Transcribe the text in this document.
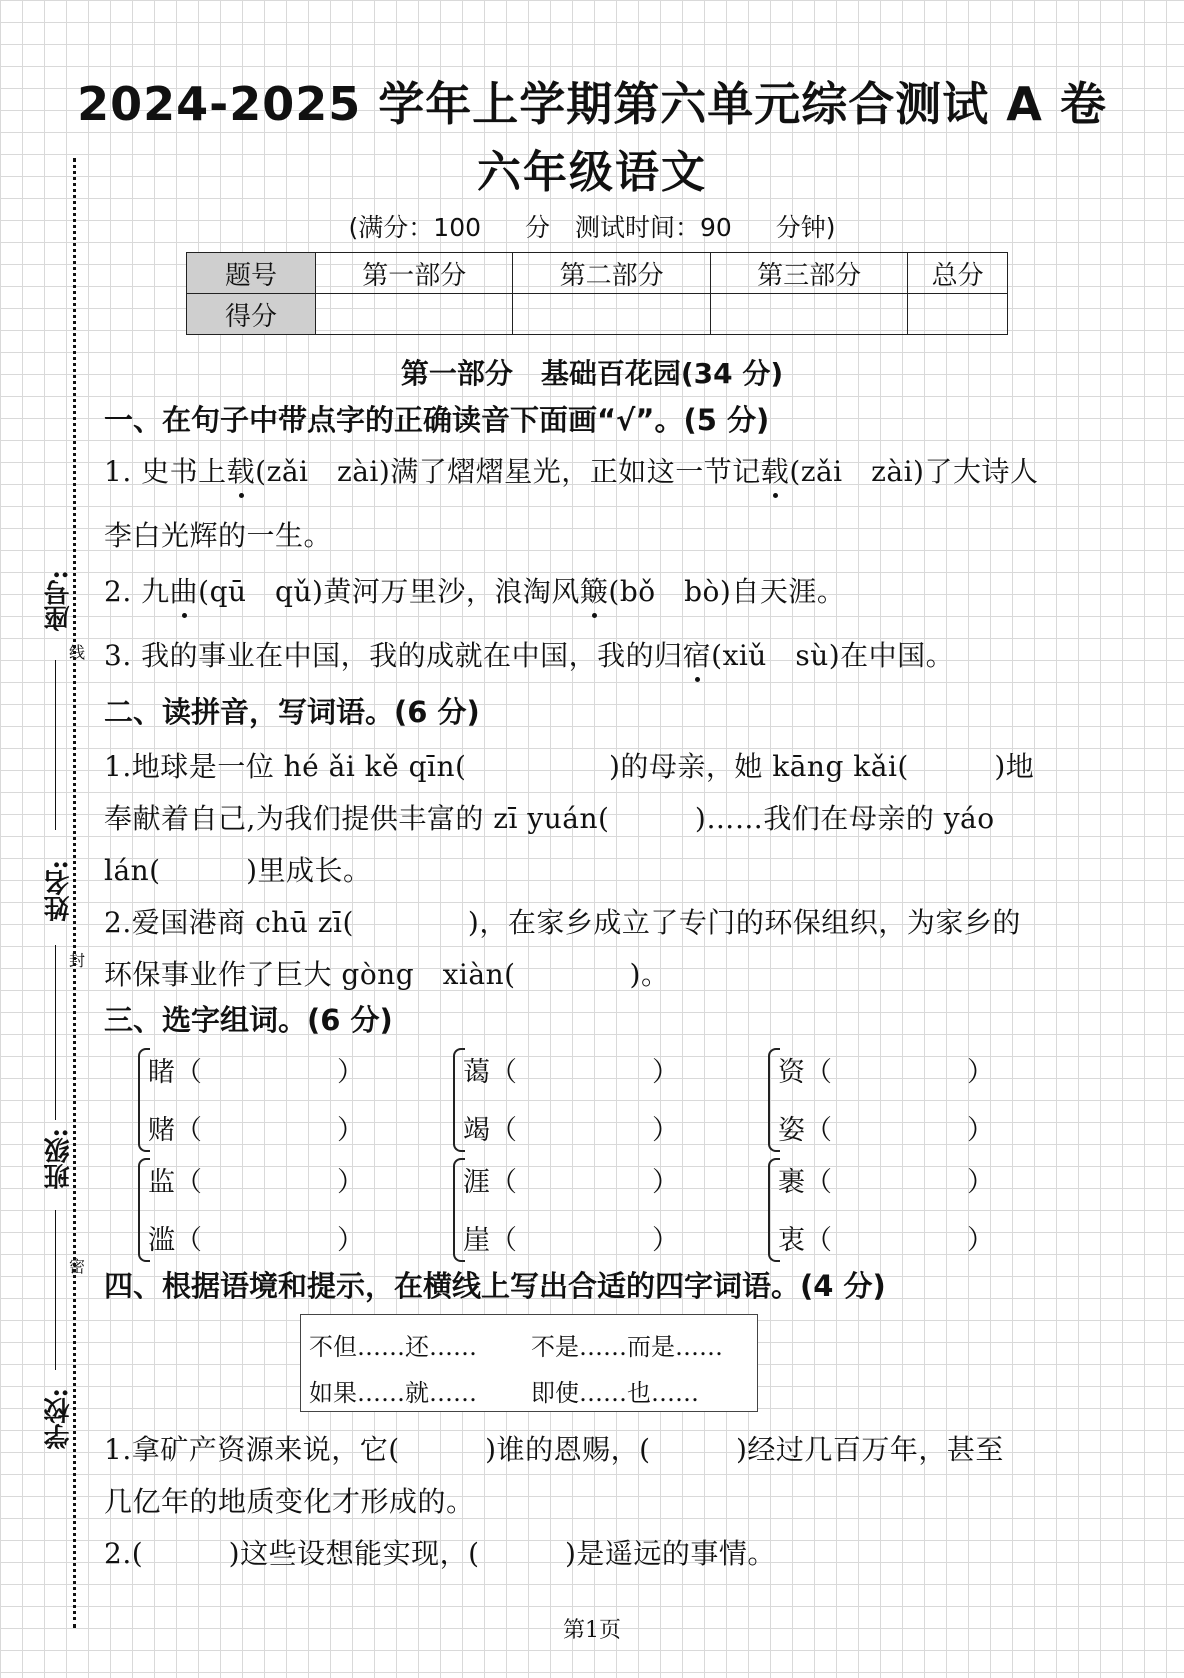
座号:
姓名:
班级:
学校:
线
封
密
2024-2025 学年上学期第六单元综合测试 A 卷
六年级语文
(满分：100 分　测试时间：90 分钟)
题号	第一部分	第二部分	第三部分	总分
得分				
第一部分　基础百花园(34 分)
一、在句子中带点字的正确读音下面画“√”。(5 分)
1. 史书上载(zǎi　zài)满了熠熠星光，正如这一节记载(zǎi　zài)了大诗人
李白光辉的一生。
2. 九曲(qū　qǔ)黄河万里沙，浪淘风簸(bǒ　bò)自天涯。
3. 我的事业在中国，我的成就在中国，我的归宿(xiǔ　sù)在中国。
二、读拼音，写词语。(6 分)
1.地球是一位 hé ǎi kě qīn(　　　　　)的母亲，她 kāng kǎi(　　　)地
奉献着自己,为我们提供丰富的 zī yuán(　　　)……我们在母亲的 yáo
lán(　　　)里成长。
2.爱国港商 chū zī(　　　　)，在家乡成立了专门的环保组织，为家乡的
环保事业作了巨大 gòng　xiàn(　　　　)。
三、选字组词。(6 分)
睹（　　　　　）
赌（　　　　　）
蔼（　　　　　）
竭（　　　　　）
资（　　　　　）
姿（　　　　　）
监（　　　　　）
滥（　　　　　）
涯（　　　　　）
崖（　　　　　）
裹（　　　　　）
衷（　　　　　）
四、根据语境和提示，在横线上写出合适的四字词语。(4 分)
不但……还…… 不是……而是……
如果……就…… 即使……也……
1.拿矿产资源来说，它(　　　)谁的恩赐，(　　　)经过几百万年，甚至
几亿年的地质变化才形成的。
2.(　　　)这些设想能实现，(　　　)是遥远的事情。
第1页
